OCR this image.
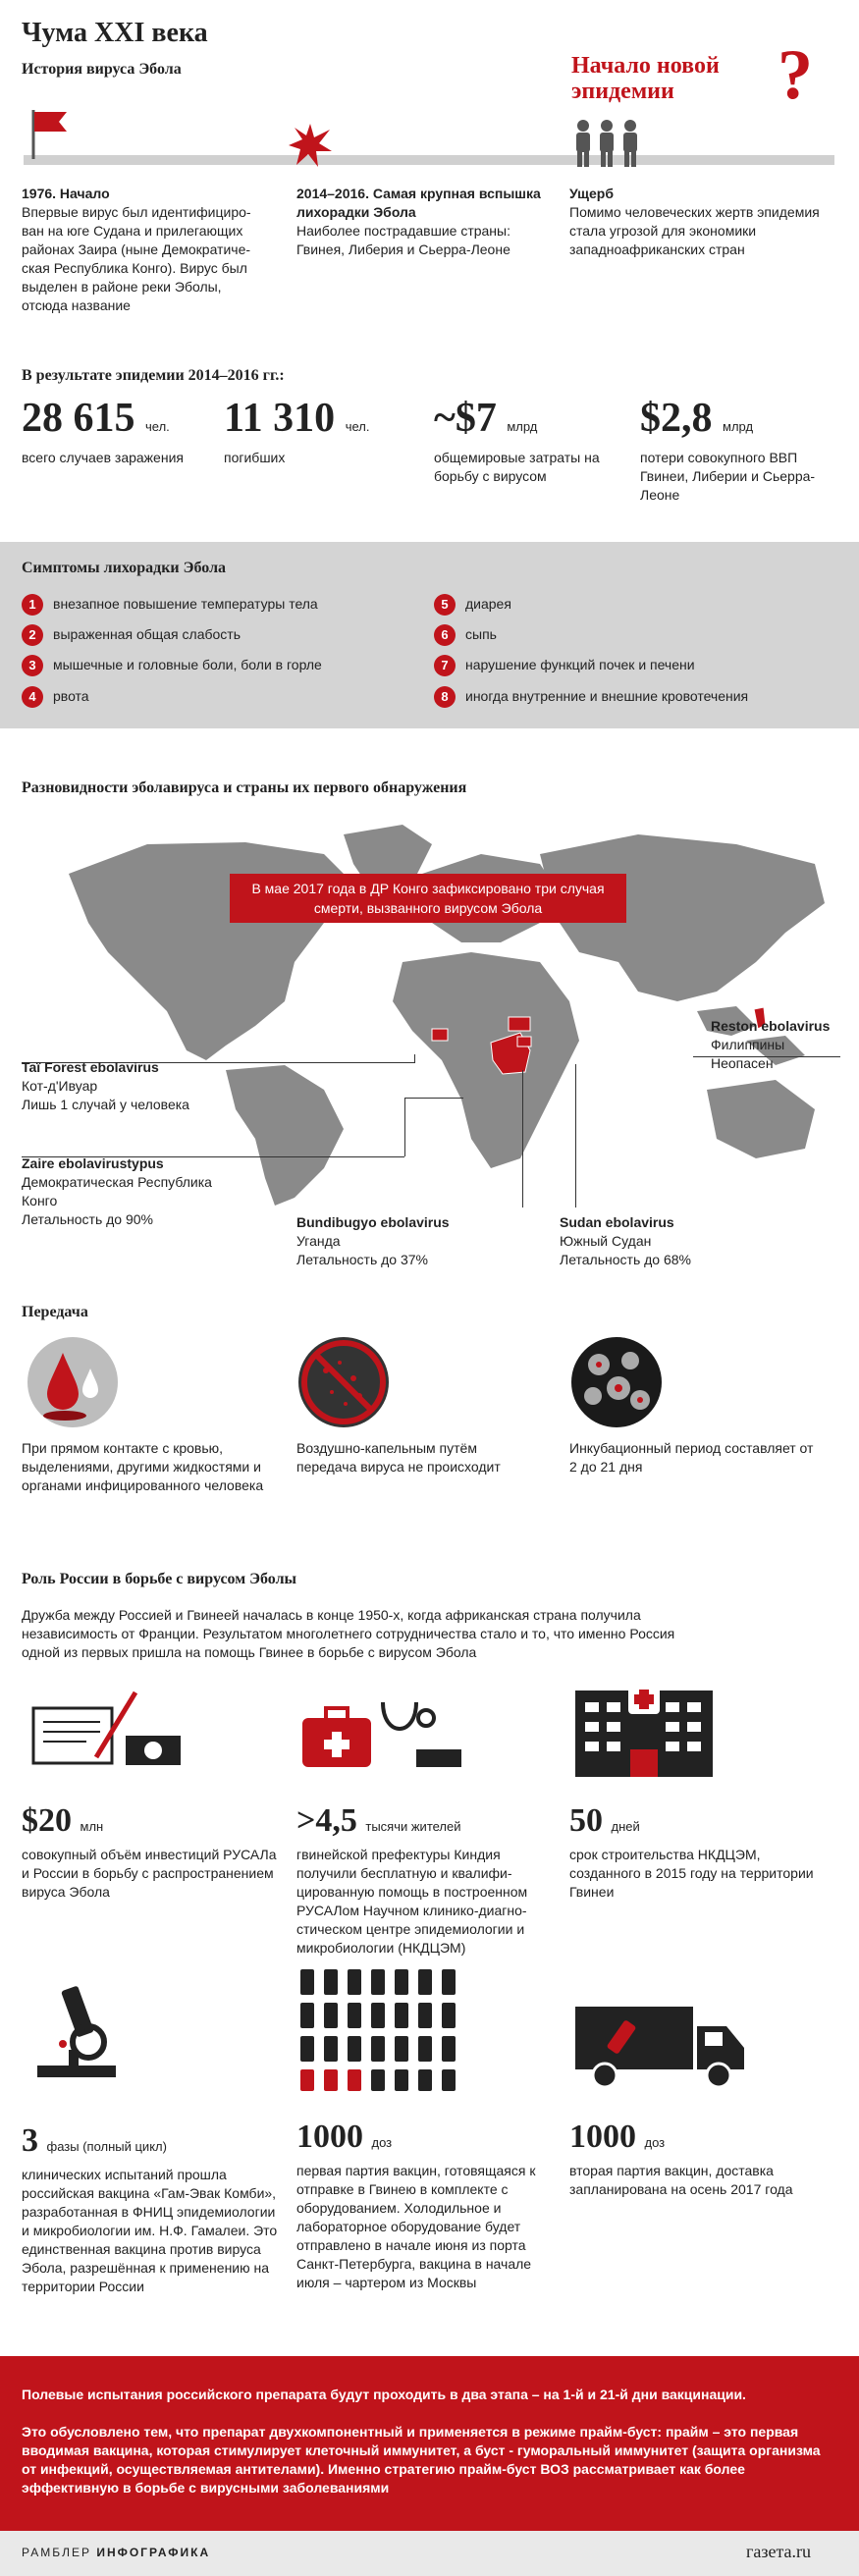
Чума XXI века
История вируса Эбола	Начало новой
эпидемии	?
1976. Начало
Впервые вирус был идентифициро-ван на юге Судана и прилегающих районах Заира (ныне Демократиче-ская Республика Конго). Вирус был выделен в районе реки Эболы, отсюда название
2014–2016. Самая крупная вспышка лихорадки Эбола
Наиболее пострадавшие страны: Гвинея, Либерия и Сьерра-Леоне
Ущерб
Помимо человеческих жертв эпидемия стала угрозой для экономики западноафриканских стран
В результате эпидемии 2014–2016 гг.:
28 615 чел.
всего случаев заражения
11 310 чел.
погибших
~$7 млрд
общемировые затраты на борьбу с вирусом
$2,8 млрд
потери совокупного ВВП Гвинеи, Либерии и Сьерра-Леоне
Симптомы лихорадки Эбола
1 внезапное повышение температуры тела
2 выраженная общая слабость
3 мышечные и головные боли, боли в горле
4 рвота
5 диарея
6 сыпь
7 нарушение функций почек и печени
8 иногда внутренние и внешние кровотечения
Разновидности эболавируса и страны их первого обнаружения
В мае 2017 года в ДР Конго зафиксировано три случая смерти, вызванного вирусом Эбола
Taï Forest ebolavirus
Кот-д'Ивуар
Лишь 1 случай у человека
Zaire ebolavirustypus
Демократическая Республика Конго
Летальность до 90%	Bundibugyo ebolavirus
Уганда
Летальность до 37%
Sudan ebolavirus
Южный Судан
Летальность до 68%
Reston ebolavirus
Филиппины
Неопасен
Передача
При прямом контакте с кровью, выделениями, другими жидкостями и органами инфицированного человека
Воздушно-капельным путём передача вируса не происходит
Инкубационный период составляет от 2 до 21 дня
Роль России в борьбе с вирусом Эболы
Дружба между Россией и Гвинеей началась в конце 1950-х, когда африканская страна получила независимость от Франции. Результатом многолетнего сотрудничества стало и то, что именно Россия одной из первых пришла на помощь Гвинее в борьбе с вирусом Эбола
$20 млн
совокупный объём инвестиций РУСАЛа и России в борьбу с распространением вируса Эбола
>4,5 тысячи жителей
гвинейской префектуры Киндия получили бесплатную и квалифи-цированную помощь в построенном РУСАЛом Научном клинико-диагно-стическом центре эпидемиологии и микробиологии (НКДЦЭМ)
50 дней
срок строительства НКДЦЭМ, созданного в 2015 году на территории Гвинеи
3 фазы (полный цикл)
клинических испытаний прошла российская вакцина «Гам-Эвак Комби», разработанная в ФНИЦ эпидемиологии и микробиологии им. Н.Ф. Гамалеи. Это единственная вакцина против вируса Эбола, разрешённая к применению на территории России
1000 доз
первая партия вакцин, готовящаяся к отправке в Гвинею в комплекте с оборудованием. Холодильное и лабораторное оборудование будет отправлено в начале июня из порта Санкт-Петербурга, вакцина в начале июля – чартером из Москвы
1000 доз
вторая партия вакцин, доставка запланирована на осень 2017 года
Полевые испытания российского препарата будут проходить в два этапа – на 1-й и 21-й дни вакцинации.
Это обусловлено тем, что препарат двухкомпонентный и применяется в режиме прайм-буст: прайм – это первая вводимая вакцина, которая стимулирует клеточный иммунитет, а буст - гуморальный иммунитет (защита организма от инфекций, осуществляемая антителами). Именно стратегию прайм-буст ВОЗ рассматривает как более эффективную в борьбе с вирусными заболеваниями
РАМБЛЕР ИНФОГРАФИКА	газета.ru
